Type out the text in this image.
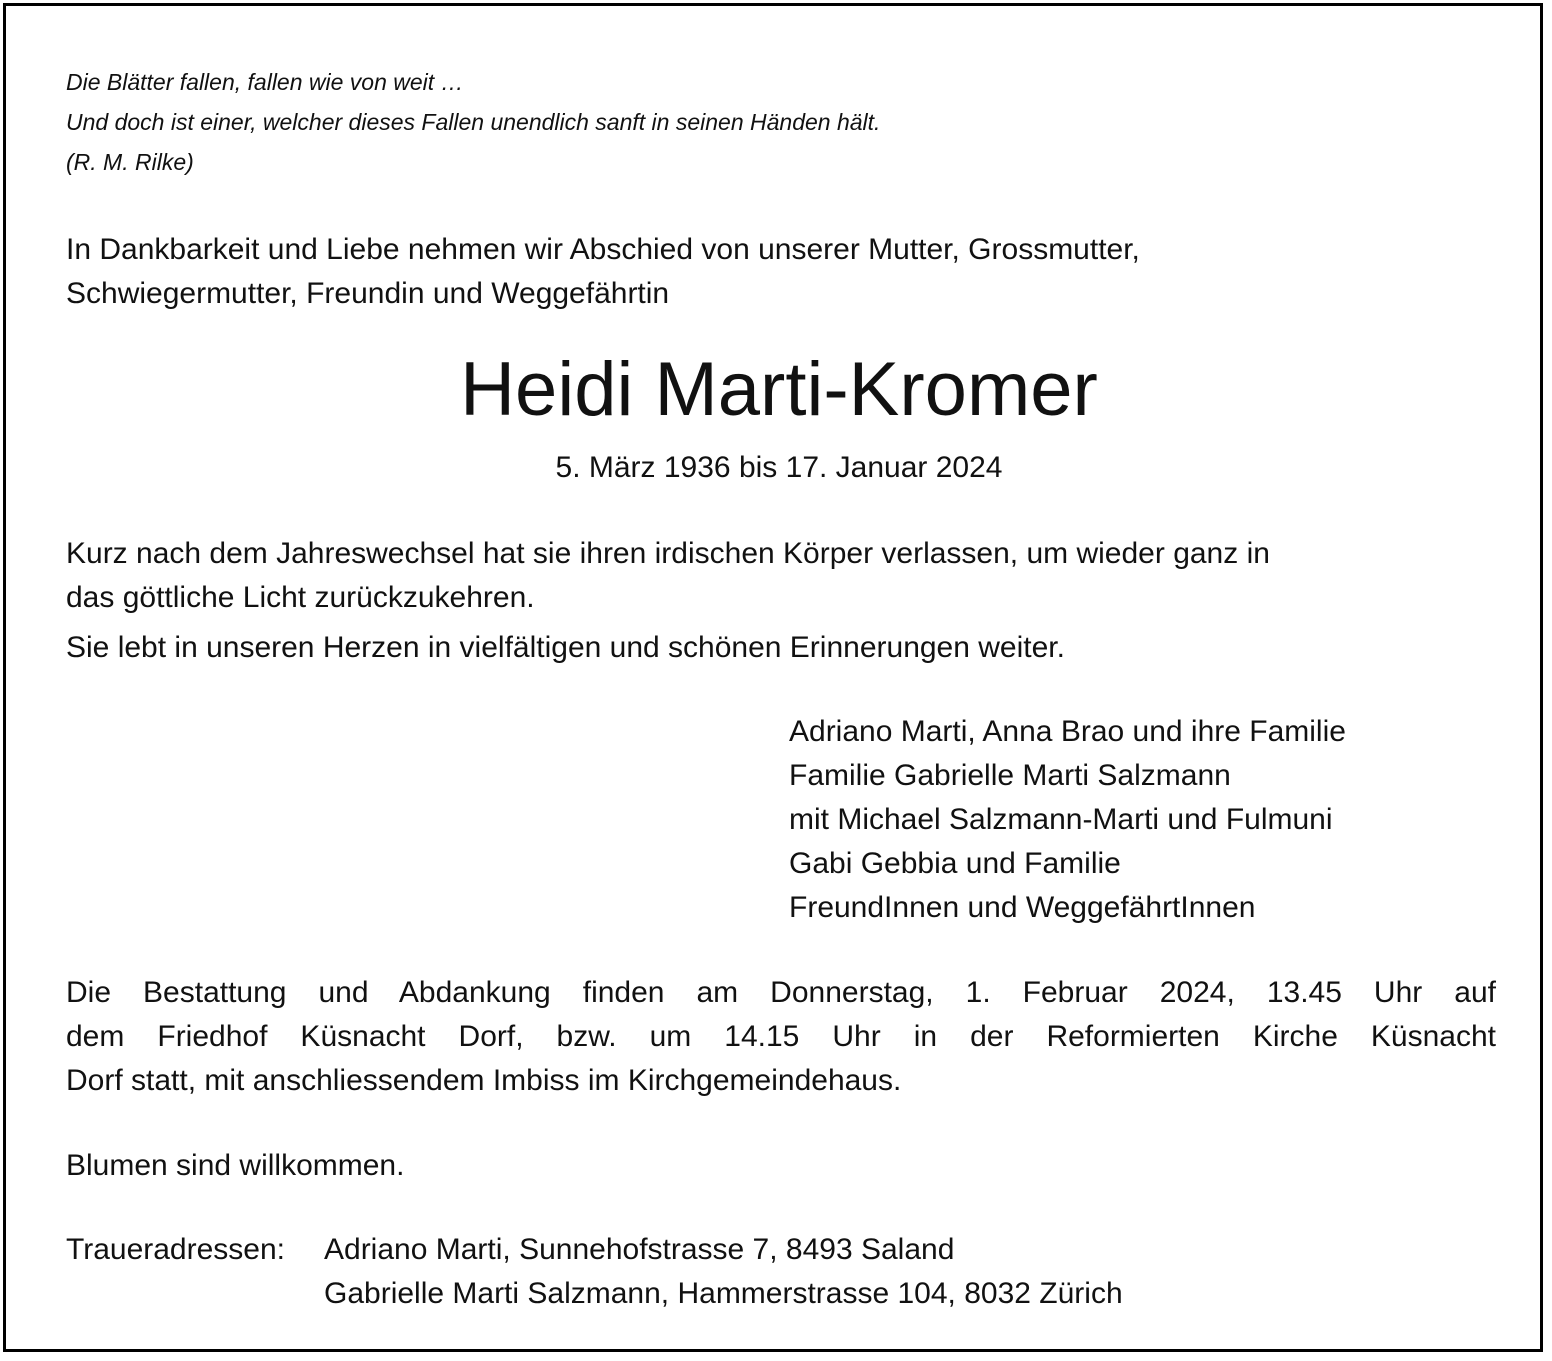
Die Blätter fallen, fallen wie von weit …
Und doch ist einer, welcher dieses Fallen unendlich sanft in seinen Händen hält.
(R. M. Rilke)
In Dankbarkeit und Liebe nehmen wir Abschied von unserer Mutter, Grossmutter,
Schwiegermutter, Freundin und Weggefährtin
Heidi Marti-Kromer
5. März 1936 bis 17. Januar 2024
Kurz nach dem Jahreswechsel hat sie ihren irdischen Körper verlassen, um wieder ganz in
das göttliche Licht zurückzukehren.
Sie lebt in unseren Herzen in vielfältigen und schönen Erinnerungen weiter.
Adriano Marti, Anna Brao und ihre Familie
Familie Gabrielle Marti Salzmann
mit Michael Salzmann-Marti und Fulmuni
Gabi Gebbia und Familie
FreundInnen und WeggefährtInnen
Die Bestattung und Abdankung finden am Donnerstag, 1. Februar 2024, 13.45 Uhr auf
dem Friedhof Küsnacht Dorf, bzw. um 14.15 Uhr in der Reformierten Kirche Küsnacht
Dorf statt, mit anschliessendem Imbiss im Kirchgemeindehaus.
Blumen sind willkommen.
Traueradressen:	Adriano Marti, Sunnehofstrasse 7, 8493 Saland
Gabrielle Marti Salzmann, Hammerstrasse 104, 8032 Zürich
